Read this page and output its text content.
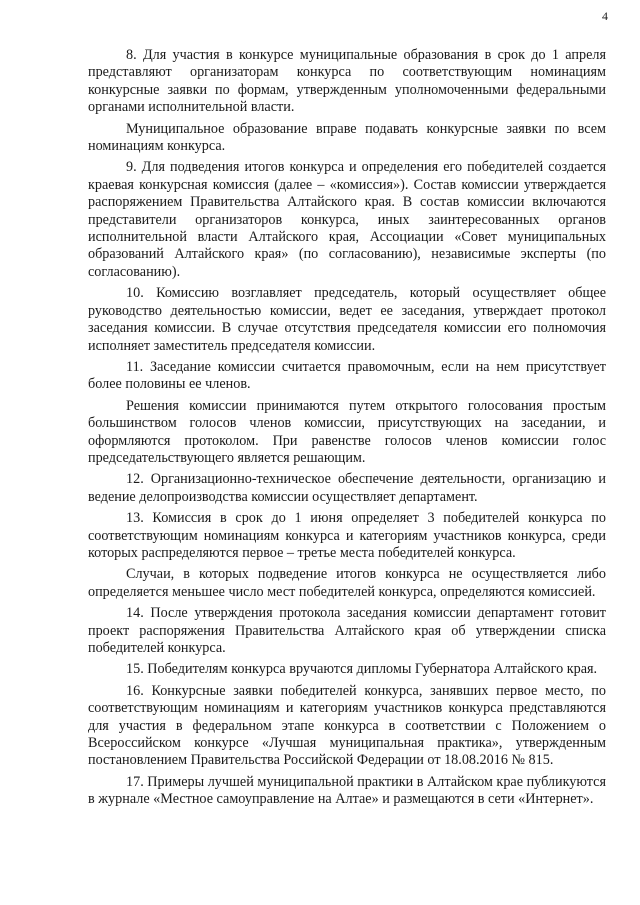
4

8. Для участия в конкурсе муниципальные образования в срок до 1 апреля представляют организаторам конкурса по соответствующим номинациям конкурсные заявки по формам, утвержденным уполномоченными федеральными органами исполнительной власти.

Муниципальное образование вправе подавать конкурсные заявки по всем номинациям конкурса.

9. Для подведения итогов конкурса и определения его победителей создается краевая конкурсная комиссия (далее – «комиссия»). Состав комиссии утверждается распоряжением Правительства Алтайского края. В состав комиссии включаются представители организаторов конкурса, иных заинтересованных органов исполнительной власти Алтайского края, Ассоциации «Совет муниципальных образований Алтайского края» (по согласованию), независимые эксперты (по согласованию).

10. Комиссию возглавляет председатель, который осуществляет общее руководство деятельностью комиссии, ведет ее заседания, утверждает протокол заседания комиссии. В случае отсутствия председателя комиссии его полномочия исполняет заместитель председателя комиссии.

11. Заседание комиссии считается правомочным, если на нем присутствует более половины ее членов.

Решения комиссии принимаются путем открытого голосования простым большинством голосов членов комиссии, присутствующих на заседании, и оформляются протоколом. При равенстве голосов членов комиссии голос председательствующего является решающим.

12. Организационно-техническое обеспечение деятельности, организацию и ведение делопроизводства комиссии осуществляет департамент.

13. Комиссия в срок до 1 июня определяет 3 победителей конкурса по соответствующим номинациям конкурса и категориям участников конкурса, среди которых распределяются первое – третье места победителей конкурса.

Случаи, в которых подведение итогов конкурса не осуществляется либо определяется меньшее число мест победителей конкурса, определяются комиссией.

14. После утверждения протокола заседания комиссии департамент готовит проект распоряжения Правительства Алтайского края об утверждении списка победителей конкурса.

15. Победителям конкурса вручаются дипломы Губернатора Алтайского края.

16. Конкурсные заявки победителей конкурса, занявших первое место, по соответствующим номинациям и категориям участников конкурса представляются для участия в федеральном этапе конкурса в соответствии с Положением о Всероссийском конкурсе «Лучшая муниципальная практика», утвержденным постановлением Правительства Российской Федерации от 18.08.2016 № 815.

17. Примеры лучшей муниципальной практики в Алтайском крае публикуются в журнале «Местное самоуправление на Алтае» и размещаются в сети «Интернет».
